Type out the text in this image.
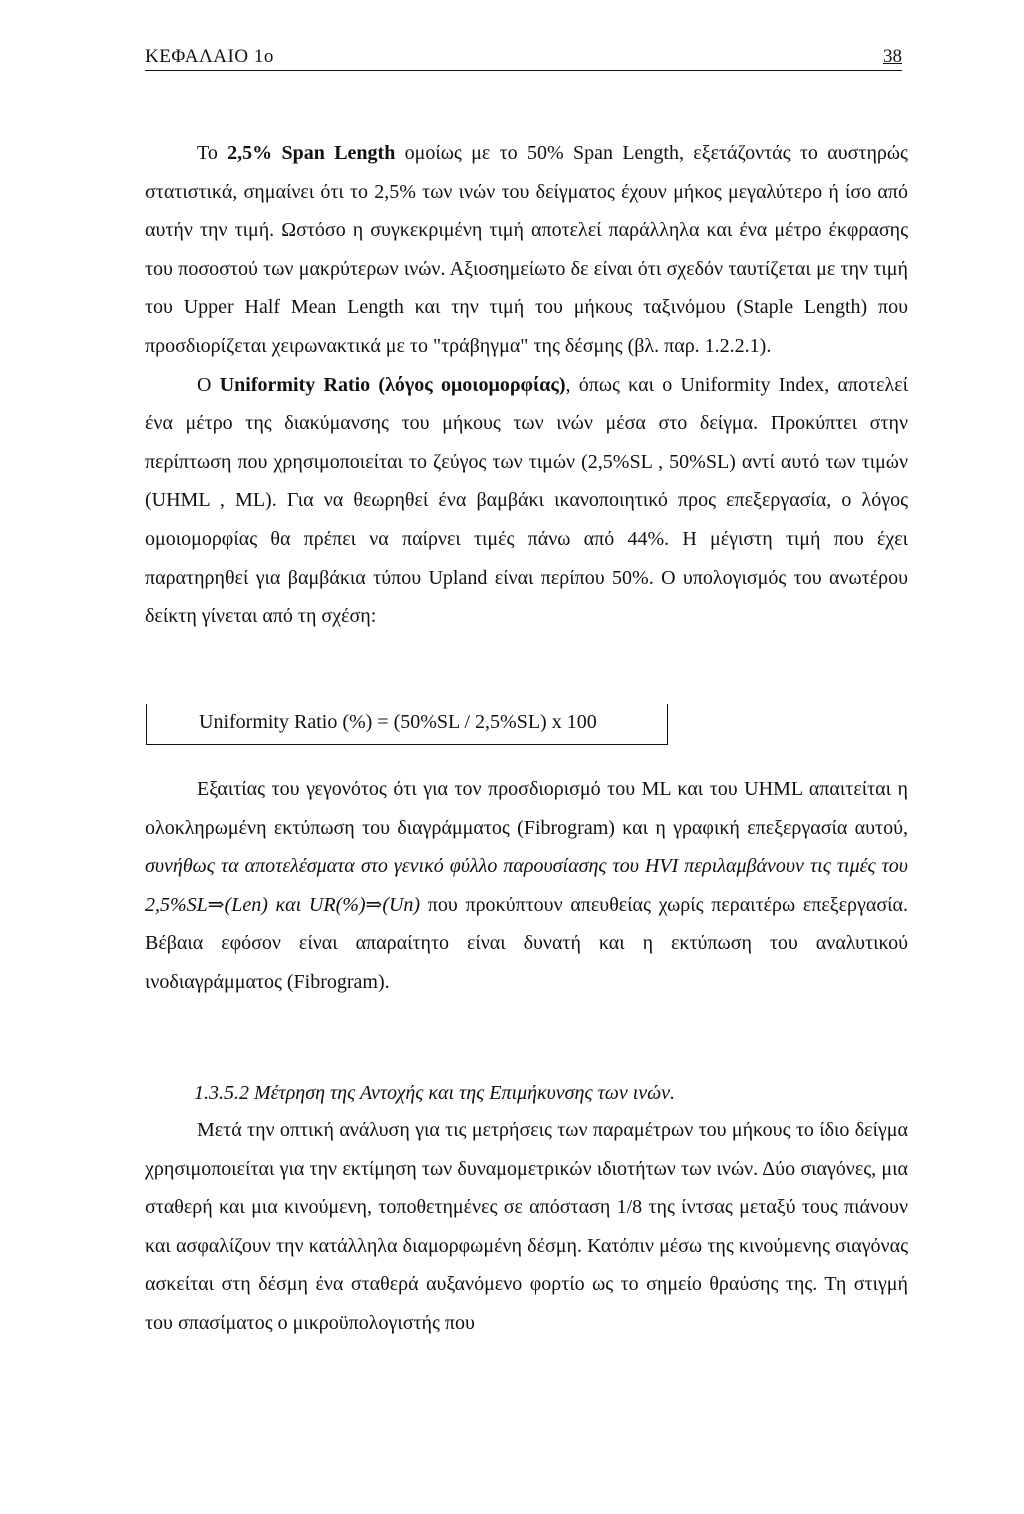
ΚΕΦΑΛΑΙΟ 1ο	38

Το 2,5% Span Length ομοίως με το 50% Span Length, εξετάζοντάς το αυστηρώς στατιστικά, σημαίνει ότι το 2,5% των ινών του δείγματος έχουν μήκος μεγαλύτερο ή ίσο από αυτήν την τιμή. Ωστόσο η συγκεκριμένη τιμή αποτελεί παράλληλα και ένα μέτρο έκφρασης του ποσοστού των μακρύτερων ινών. Αξιοσημείωτο δε είναι ότι σχεδόν ταυτίζεται με την τιμή του Upper Half Mean Length και την τιμή του μήκους ταξινόμου (Staple Length) που προσδιορίζεται χειρωνακτικά με το "τράβηγμα" της δέσμης (βλ. παρ. 1.2.2.1).

Ο Uniformity Ratio (λόγος ομοιομορφίας), όπως και ο Uniformity Index, αποτελεί ένα μέτρο της διακύμανσης του μήκους των ινών μέσα στο δείγμα. Προκύπτει στην περίπτωση που χρησιμοποιείται το ζεύγος των τιμών (2,5%SL , 50%SL) αντί αυτό των τιμών (UHML , ML). Για να θεωρηθεί ένα βαμβάκι ικανοποιητικό προς επεξεργασία, ο λόγος ομοιομορφίας θα πρέπει να παίρνει τιμές πάνω από 44%. Η μέγιστη τιμή που έχει παρατηρηθεί για βαμβάκια τύπου Upland είναι περίπου 50%. Ο υπολογισμός του ανωτέρου δείκτη γίνεται από τη σχέση:

Uniformity Ratio (%) = (50%SL / 2,5%SL) x 100

Εξαιτίας του γεγονότος ότι για τον προσδιορισμό του ML και του UHML απαιτείται η ολοκληρωμένη εκτύπωση του διαγράμματος (Fibrogram) και η γραφική επεξεργασία αυτού, συνήθως τα αποτελέσματα στο γενικό φύλλο παρουσίασης του HVI περιλαμβάνουν τις τιμές του 2,5%SL⇒(Len) και UR(%)⇒(Un) που προκύπτουν απευθείας χωρίς περαιτέρω επεξεργασία. Βέβαια εφόσον είναι απαραίτητο είναι δυνατή και η εκτύπωση του αναλυτικού ινοδιαγράμματος (Fibrogram).

1.3.5.2 Μέτρηση της Αντοχής και της Επιμήκυνσης των ινών.

Μετά την οπτική ανάλυση για τις μετρήσεις των παραμέτρων του μήκους το ίδιο δείγμα χρησιμοποιείται για την εκτίμηση των δυναμομετρικών ιδιοτήτων των ινών. Δύο σιαγόνες, μια σταθερή και μια κινούμενη, τοποθετημένες σε απόσταση 1/8 της ίντσας μεταξύ τους πιάνουν και ασφαλίζουν την κατάλληλα διαμορφωμένη δέσμη. Κατόπιν μέσω της κινούμενης σιαγόνας ασκείται στη δέσμη ένα σταθερά αυξανόμενο φορτίο ως το σημείο θραύσης της. Τη στιγμή του σπασίματος ο μικροϋπολογιστής που
